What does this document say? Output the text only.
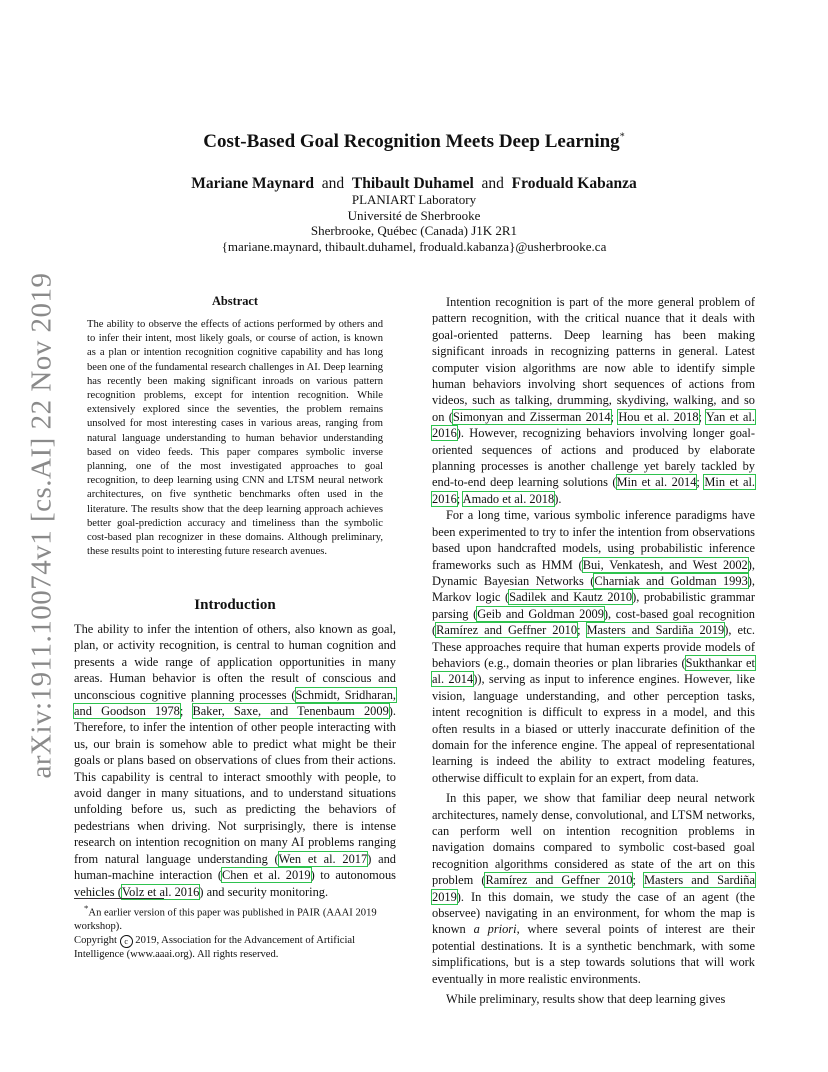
arXiv:1911.10074v1 [cs.AI] 22 Nov 2019
Cost-Based Goal Recognition Meets Deep Learning*
Mariane Maynard and Thibault Duhamel and Froduald Kabanza
PLANIART Laboratory
Université de Sherbrooke
Sherbrooke, Québec (Canada) J1K 2R1
{mariane.maynard, thibault.duhamel, froduald.kabanza}@usherbrooke.ca
Abstract
The ability to observe the effects of actions performed by others and to infer their intent, most likely goals, or course of action, is known as a plan or intention recognition cognitive capability and has long been one of the fundamental research challenges in AI. Deep learning has recently been making significant inroads on various pattern recognition problems, except for intention recognition. While extensively explored since the seventies, the problem remains unsolved for most interesting cases in various areas, ranging from natural language understanding to human behavior understanding based on video feeds. This paper compares symbolic inverse planning, one of the most investigated approaches to goal recognition, to deep learning using CNN and LTSM neural network architectures, on five synthetic benchmarks often used in the literature. The results show that the deep learning approach achieves better goal-prediction accuracy and timeliness than the symbolic cost-based plan recognizer in these domains. Although preliminary, these results point to interesting future research avenues.
Introduction

The ability to infer the intention of others, also known as goal, plan, or activity recognition, is central to human cognition and presents a wide range of application opportunities in many areas. Human behavior is often the result of conscious and unconscious cognitive planning processes (Schmidt, Sridharan, and Goodson 1978; Baker, Saxe, and Tenenbaum 2009). Therefore, to infer the intention of other people interacting with us, our brain is somehow able to predict what might be their goals or plans based on observations of clues from their actions. This capability is central to interact smoothly with people, to avoid danger in many situations, and to understand situations unfolding before us, such as predicting the behaviors of pedestrians when driving. Not surprisingly, there is intense research on intention recognition on many AI problems ranging from natural language understanding (Wen et al. 2017) and human-machine interaction (Chen et al. 2019) to autonomous vehicles (Volz et al. 2016) and security monitoring.

*An earlier version of this paper was published in PAIR (AAAI 2019 workshop).

Copyright c 2019, Association for the Advancement of Artificial Intelligence (www.aaai.org). All rights reserved.

Intention recognition is part of the more general problem of pattern recognition, with the critical nuance that it deals with goal-oriented patterns. Deep learning has been making significant inroads in recognizing patterns in general. Latest computer vision algorithms are now able to identify simple human behaviors involving short sequences of actions from videos, such as talking, drumming, skydiving, walking, and so on (Simonyan and Zisserman 2014; Hou et al. 2018; Yan et al. 2016). However, recognizing behaviors involving longer goal-oriented sequences of actions and produced by elaborate planning processes is another challenge yet barely tackled by end-to-end deep learning solutions (Min et al. 2014; Min et al. 2016; Amado et al. 2018).

For a long time, various symbolic inference paradigms have been experimented to try to infer the intention from observations based upon handcrafted models, using probabilistic inference frameworks such as HMM (Bui, Venkatesh, and West 2002), Dynamic Bayesian Networks (Charniak and Goldman 1993), Markov logic (Sadilek and Kautz 2010), probabilistic grammar parsing (Geib and Goldman 2009), cost-based goal recognition (Ramírez and Geffner 2010; Masters and Sardiña 2019), etc. These approaches require that human experts provide models of behaviors (e.g., domain theories or plan libraries (Sukthankar et al. 2014)), serving as input to inference engines. However, like vision, language understanding, and other perception tasks, intent recognition is difficult to express in a model, and this often results in a biased or utterly inaccurate definition of the domain for the inference engine. The appeal of representational learning is indeed the ability to extract modeling features, otherwise difficult to explain for an expert, from data.

In this paper, we show that familiar deep neural network architectures, namely dense, convolutional, and LTSM networks, can perform well on intention recognition problems in navigation domains compared to symbolic cost-based goal recognition algorithms considered as state of the art on this problem (Ramírez and Geffner 2010; Masters and Sardiña 2019). In this domain, we study the case of an agent (the observee) navigating in an environment, for whom the map is known a priori, where several points of interest are their potential destinations. It is a synthetic benchmark, with some simplifications, but is a step towards solutions that will work eventually in more realistic environments.

While preliminary, results show that deep learning gives
